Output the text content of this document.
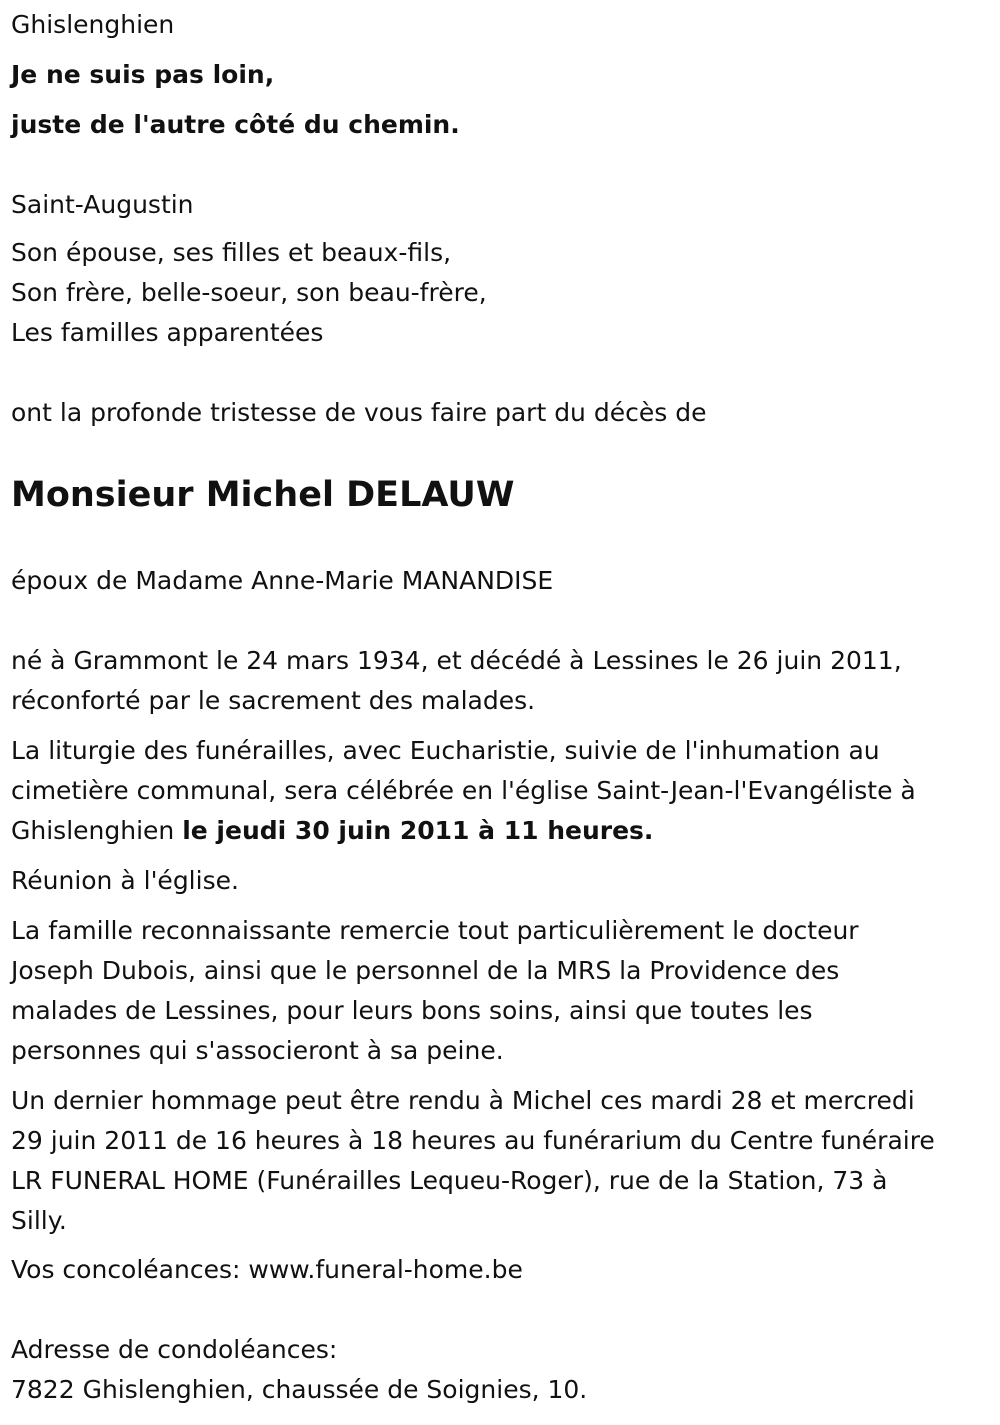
Ghislenghien
Je ne suis pas loin,
juste de l'autre côté du chemin.
Saint-Augustin
Son épouse, ses filles et beaux-fils,
Son frère, belle-soeur, son beau-frère,
Les familles apparentées
ont la profonde tristesse de vous faire part du décès de
Monsieur Michel DELAUW
époux de Madame Anne-Marie MANANDISE
né à Grammont le 24 mars 1934, et décédé à Lessines le 26 juin 2011,
réconforté par le sacrement des malades.
La liturgie des funérailles, avec Eucharistie, suivie de l'inhumation au
cimetière communal, sera célébrée en l'église Saint-Jean-l'Evangéliste à
Ghislenghien le jeudi 30 juin 2011 à 11 heures.
Réunion à l'église.
La famille reconnaissante remercie tout particulièrement le docteur
Joseph Dubois, ainsi que le personnel de la MRS la Providence des
malades de Lessines, pour leurs bons soins, ainsi que toutes les
personnes qui s'associeront à sa peine.
Un dernier hommage peut être rendu à Michel ces mardi 28 et mercredi
29 juin 2011 de 16 heures à 18 heures au funérarium du Centre funéraire
LR FUNERAL HOME (Funérailles Lequeu-Roger), rue de la Station, 73 à
Silly.
Vos concoléances: www.funeral-home.be
Adresse de condoléances:
7822 Ghislenghien, chaussée de Soignies, 10.
